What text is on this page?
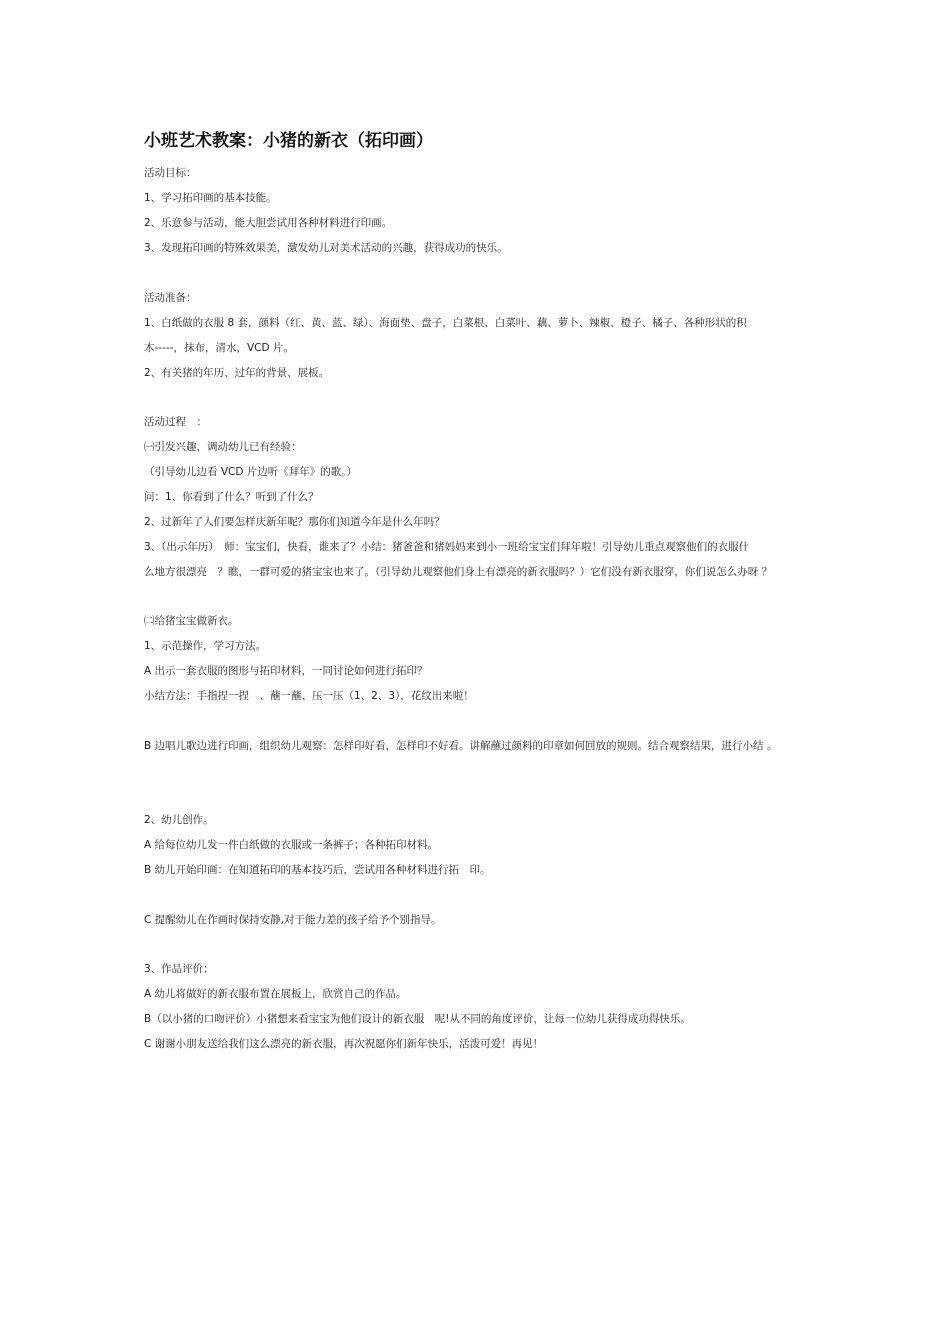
小班艺术教案：小猪的新衣（拓印画）

活动目标：

1、学习拓印画的基本技能。

2、乐意参与活动，能大胆尝试用各种材料进行印画。

3、发现拓印画的特殊效果美，激发幼儿对美术活动的兴趣，获得成功的快乐。

活动准备：

1、白纸做的衣服 8 套，颜料（红、黄、蓝、绿）、海面垫、盘子，白菜根、白菜叶、藕、萝卜、辣椒、橙子、橘子、各种形状的积

木-----，抹布，清水，VCD 片。

2、有关猪的年历、过年的背景、展板。

活动过程　：

㈠引发兴趣，调动幼儿已有经验：

（引导幼儿边看 VCD 片边听《拜年》的歌。）

问：1、你看到了什么？听到了什么？

2、过新年了人们要怎样庆新年呢？那你们知道今年是什么年吗？

3、（出示年历）　师：宝宝们，快看，谁来了？小结：猪爸爸和猪妈妈来到小一班给宝宝们拜年啦！引导幼儿重点观察他们的衣服什

么地方很漂亮　？瞧，一群可爱的猪宝宝也来了。（引导幼儿观察他们身上有漂亮的新衣服吗？）它们没有新衣服穿，你们说怎么办呀 ？

㈡给猪宝宝做新衣。

1、示范操作，学习方法。

A 出示一套衣服的图形与拓印材料，一同讨论如何进行拓印？

小结方法：手指捏一捏　、蘸一蘸、压一压（1、2、3），花纹出来啦！

B 边唱儿歌边进行印画，组织幼儿观察：怎样印好看，怎样印不好看。讲解蘸过颜料的印章如何回放的规则。结合观察结果，进行小结 。

2、幼儿创作。

A 给每位幼儿发一件白纸做的衣服或一条裤子；各种拓印材料。

B 幼儿开始印画：在知道拓印的基本技巧后，尝试用各种材料进行拓　印。

C 提醒幼儿在作画时保持安静,对于能力差的孩子给予个别指导。

3、作品评价：

A 幼儿将做好的新衣服布置在展板上，欣赏自己的作品。

B（以小猪的口吻评价）小猪想来看宝宝为他们设计的新衣服　呢!从不同的角度评价，让每一位幼儿获得成功得快乐。

C 谢谢小朋友送给我们这么漂亮的新衣服，再次祝愿你们新年快乐，活泼可爱！再见！
